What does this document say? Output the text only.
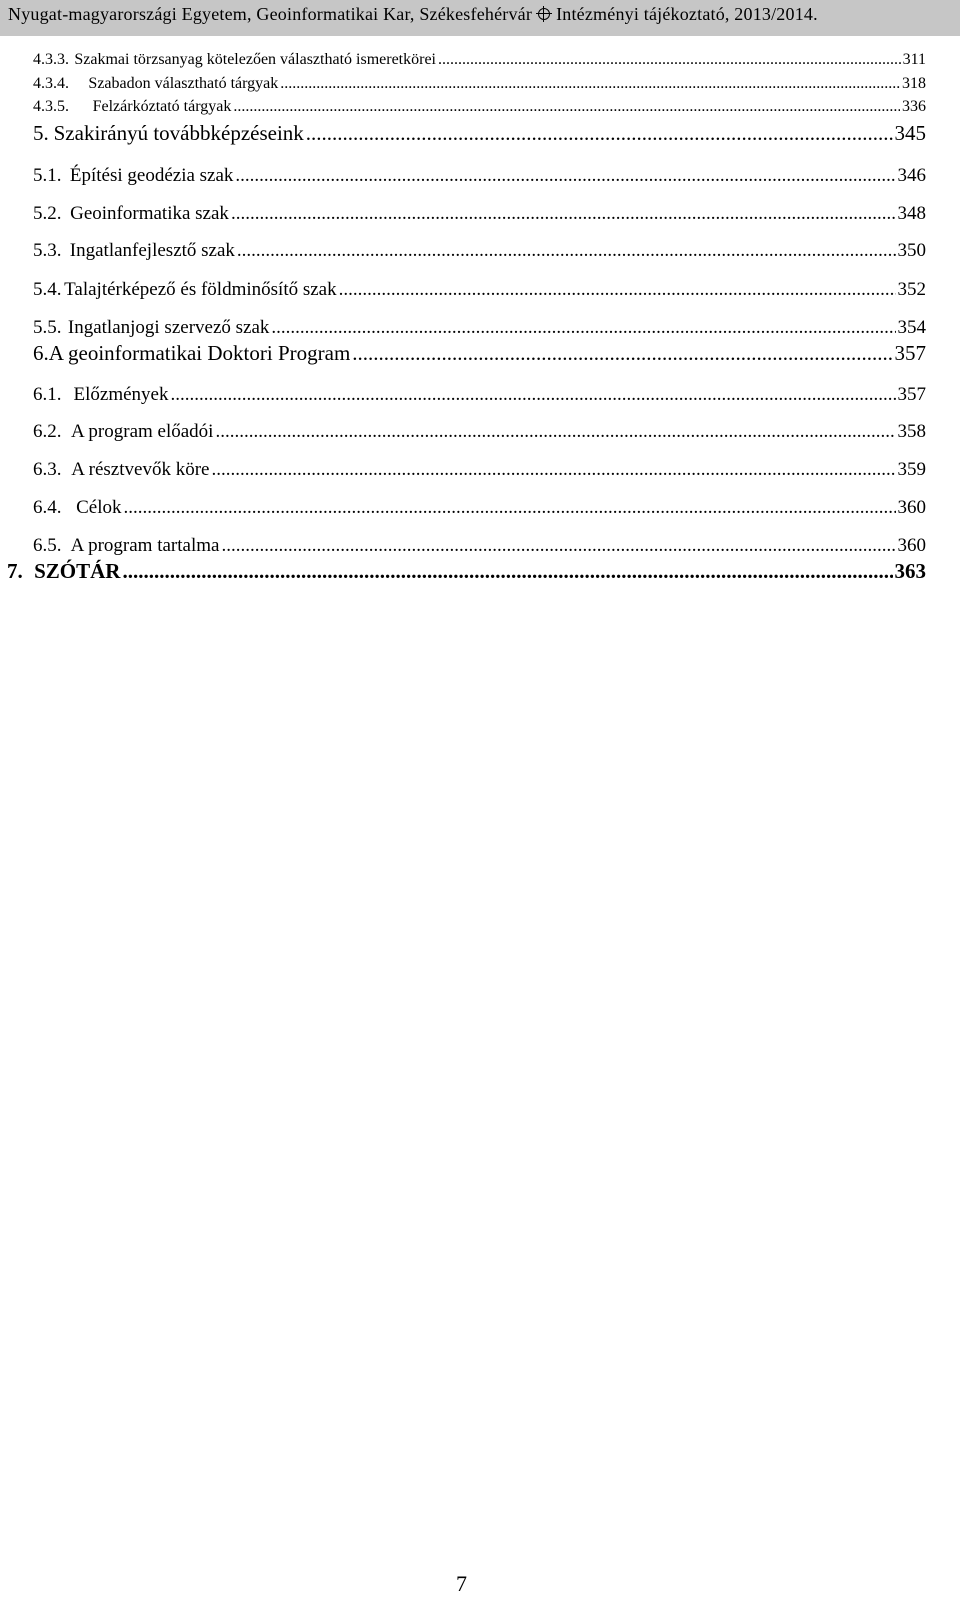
Nyugat-magyarországi Egyetem, Geoinformatikai Kar, Székesfehérvár Intézményi tájékoztató, 2013/2014.
4.3.3. Szakmai törzsanyag kötelezően választható ismeretkörei .....	311
4.3.4.	Szabadon választható tárgyak .....	318
4.3.5.	Felzárkóztató tárgyak .....	336
5. Szakirányú továbbképzéseink .....	345
5.1. Építési geodézia szak .....	346
5.2. Geoinformatika szak .....	348
5.3. Ingatlanfejlesztő szak .....	350
5.4. Talajtérképező és földminősítő szak .....	352
5.5. Ingatlanjogi szervező szak .....	354
6. A geoinformatikai Doktori Program .....	357
6.1. Előzmények .....	357
6.2. A program előadói .....	358
6.3. A résztvevők köre .....	359
6.4. Célok .....	360
6.5. A program tartalma .....	360
7. SZÓTÁR .....	363
7
